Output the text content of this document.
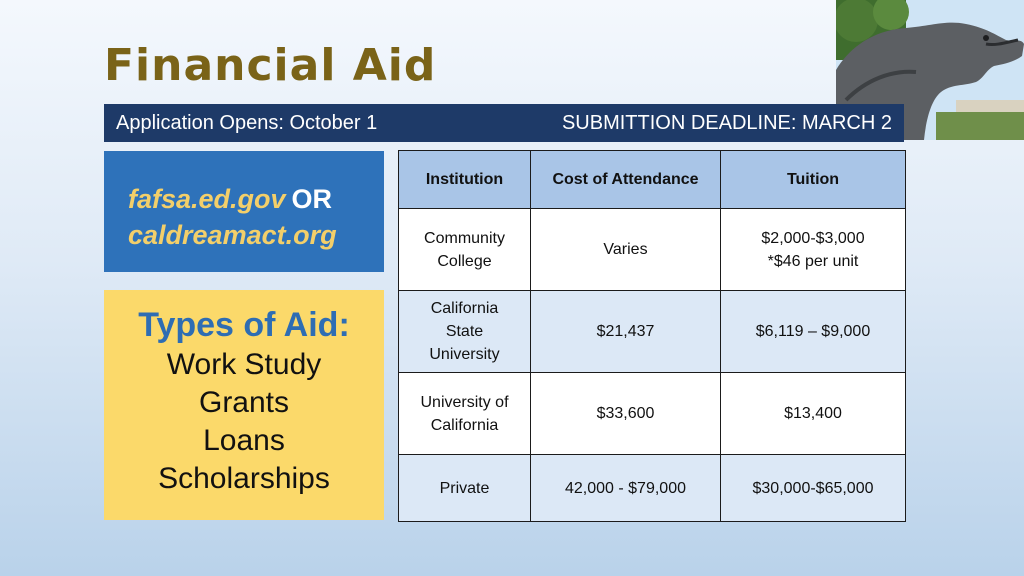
Financial Aid
Application Opens: October 1	SUBMITTION DEADLINE: MARCH 2
fafsa.ed.gov OR
caldreamact.org
Types of Aid:
Work Study
Grants
Loans
Scholarships
Institution	Cost of Attendance	Tuition

Community
College	Varies	$2,000-$3,000
*$46 per unit

California
State
University	$21,437	$6,119 – $9,000

University of
California	$33,600	$13,400

Private	42,000 - $79,000	$30,000-$65,000
